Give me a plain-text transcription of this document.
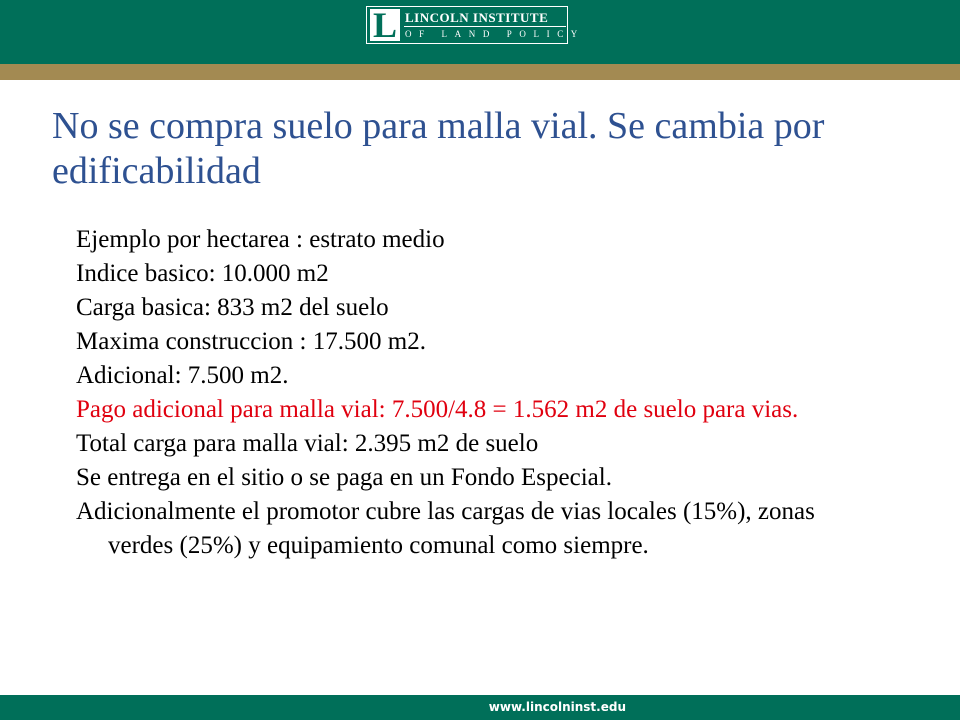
L LINCOLN INSTITUTE
OF LAND POLICY
No se compra suelo para malla vial. Se cambia por edificabilidad
Ejemplo por hectarea : estrato medio
Indice basico: 10.000 m2
Carga basica: 833 m2 del suelo
Maxima construccion : 17.500 m2.
Adicional: 7.500 m2.
Pago adicional para malla vial: 7.500/4.8 = 1.562 m2 de suelo para vias.
Total carga para malla vial: 2.395 m2 de suelo
Se entrega en el sitio o se paga en un Fondo Especial.
Adicionalmente el promotor cubre las cargas de vias locales (15%), zonas verdes (25%) y equipamiento comunal como siempre.
www.lincolninst.edu
